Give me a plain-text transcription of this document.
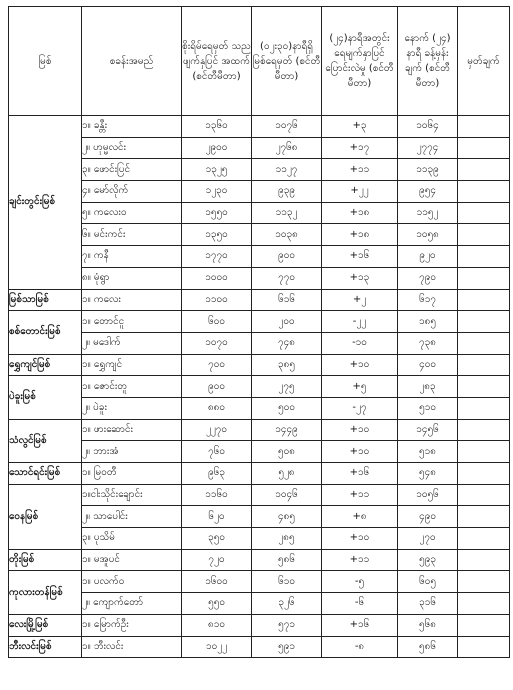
မြစ်	စခန်းအမည်	စိုးရိမ်ရေမှတ် သည ဖျက်နှပြင် အထက် (စင်တီမီတာ)	(၀၂း၃၀)နာရီရှိ မြစ်ရေမှတ် (စင်တီမီတာ)	(၂၄)နာရီအတွင်း ရေမျက်နှာပြင် ပြောင်းလဲမှု (စင်တီမီတာ)	နောက် (၂၄) နာရီ ခန့်မှန်းချက် (စင်တီမီတာ)	မှတ်ချက်
ချင်းတွင်းမြစ်	၁။ ခန္တီး	၁၃၆၀	၁၀၇၆	+၃	၁၀၆၄	
	၂။ ဟုမ္မလင်း	၂၉၀၀	၂၇၆၈	+၁၇	၂၇၇၄	
	၃။ ဖောင်းပြင်	၁၃၂၅	၁၁၂၇	+၁၁	၁၁၃၉	
	၄။ မော်လိုက်	၁၂၃၀	၉၃၉	+၂၂	၉၅၄	
	၅။ ကလေး၀	၁၅၅၀	၁၁၃၂	+၁၈	၁၁၅၂	
	၆။ မင်းကင်း	၁၃၅၀	၁၀၃၈	+၁၈	၁၀၅၈	
	၇။ ကနီ	၁၇၇၀	၉၀၀	+၁၆	၉၂၀	
	၈။ မုံရွာ	၁၀၀၀	၇၇၀	+၁၃	၇၉၀	
မြစ်သာမြစ်	၁။ ကလေး	၁၁၀၀	၆၁၆	+၂	၆၁၇	
စစ်တောင်းမြစ်	၁။ တောင်ငူ	၆၀၀	၂၀၀	-၂၂	၁၈၅	
	၂။ မဒေါက်	၁၀၇၀	၇၄၈	-၁၀	၇၃၈	
ရွှေကျင်မြစ်	၁။ ရွှေကျင်	၇၀၀	၃၈၅	+၁၀	၄၀၀	
ပဲခူးမြစ်	၁။ ဇောင်းတူ	၉၀၀	၂၇၅	+၅	၂၈၃	
	၂။ ပဲခူး	၈၈၀	၅၀၀	-၂၇	၅၁၀	
သံလွင်မြစ်	၁။ ဖားဆောင်း	၂၂၇၀	၁၄၄၉	+၁၀	၁၄၅၆	
	၂။ ဘားအံ	၇၆၀	၅၀၈	+၁၀	၅၁၈	
သောင်ရင်းမြစ်	၁။ မြဝတီ	၉၆၃	၅၂၈	+၁၆	၅၄၈	
ဝေနမြစ်	၁။ငါးသိုင်းချောင်း	၁၁၆၀	၁၀၄၆	+၁၁	၁၀၅၆	
	၂။ သာပေါင်း	၆၂၀	၄၈၅	+၈	၄၉၀	
	၃။ ပုသိမ်	၃၅၀	၂၈၅	+၁၀	၂၇၀	
တိုးမြစ်	၁။ မအူပင်	၇၂၀	၅၈၆	+၁၁	၅၉၃	
ကုလားတန်မြစ်	၁။ ပလက်ဝ	၁၆၀၀	၆၁၀	-၅	၆၀၅	
	၂။ ကျောက်တော်	၅၅၀	၃၂၆	-၆	၃၁၆	
လေးမြို့မြစ်	၁။ မြောက်ဦး	၈၁၀	၅၇၁	+၁၆	၅၆၈	
ဘီးလင်းမြစ်	၁။ ဘီးလင်း	၁၀၂၂	၅၉၁	-၈	၅၈၆	
